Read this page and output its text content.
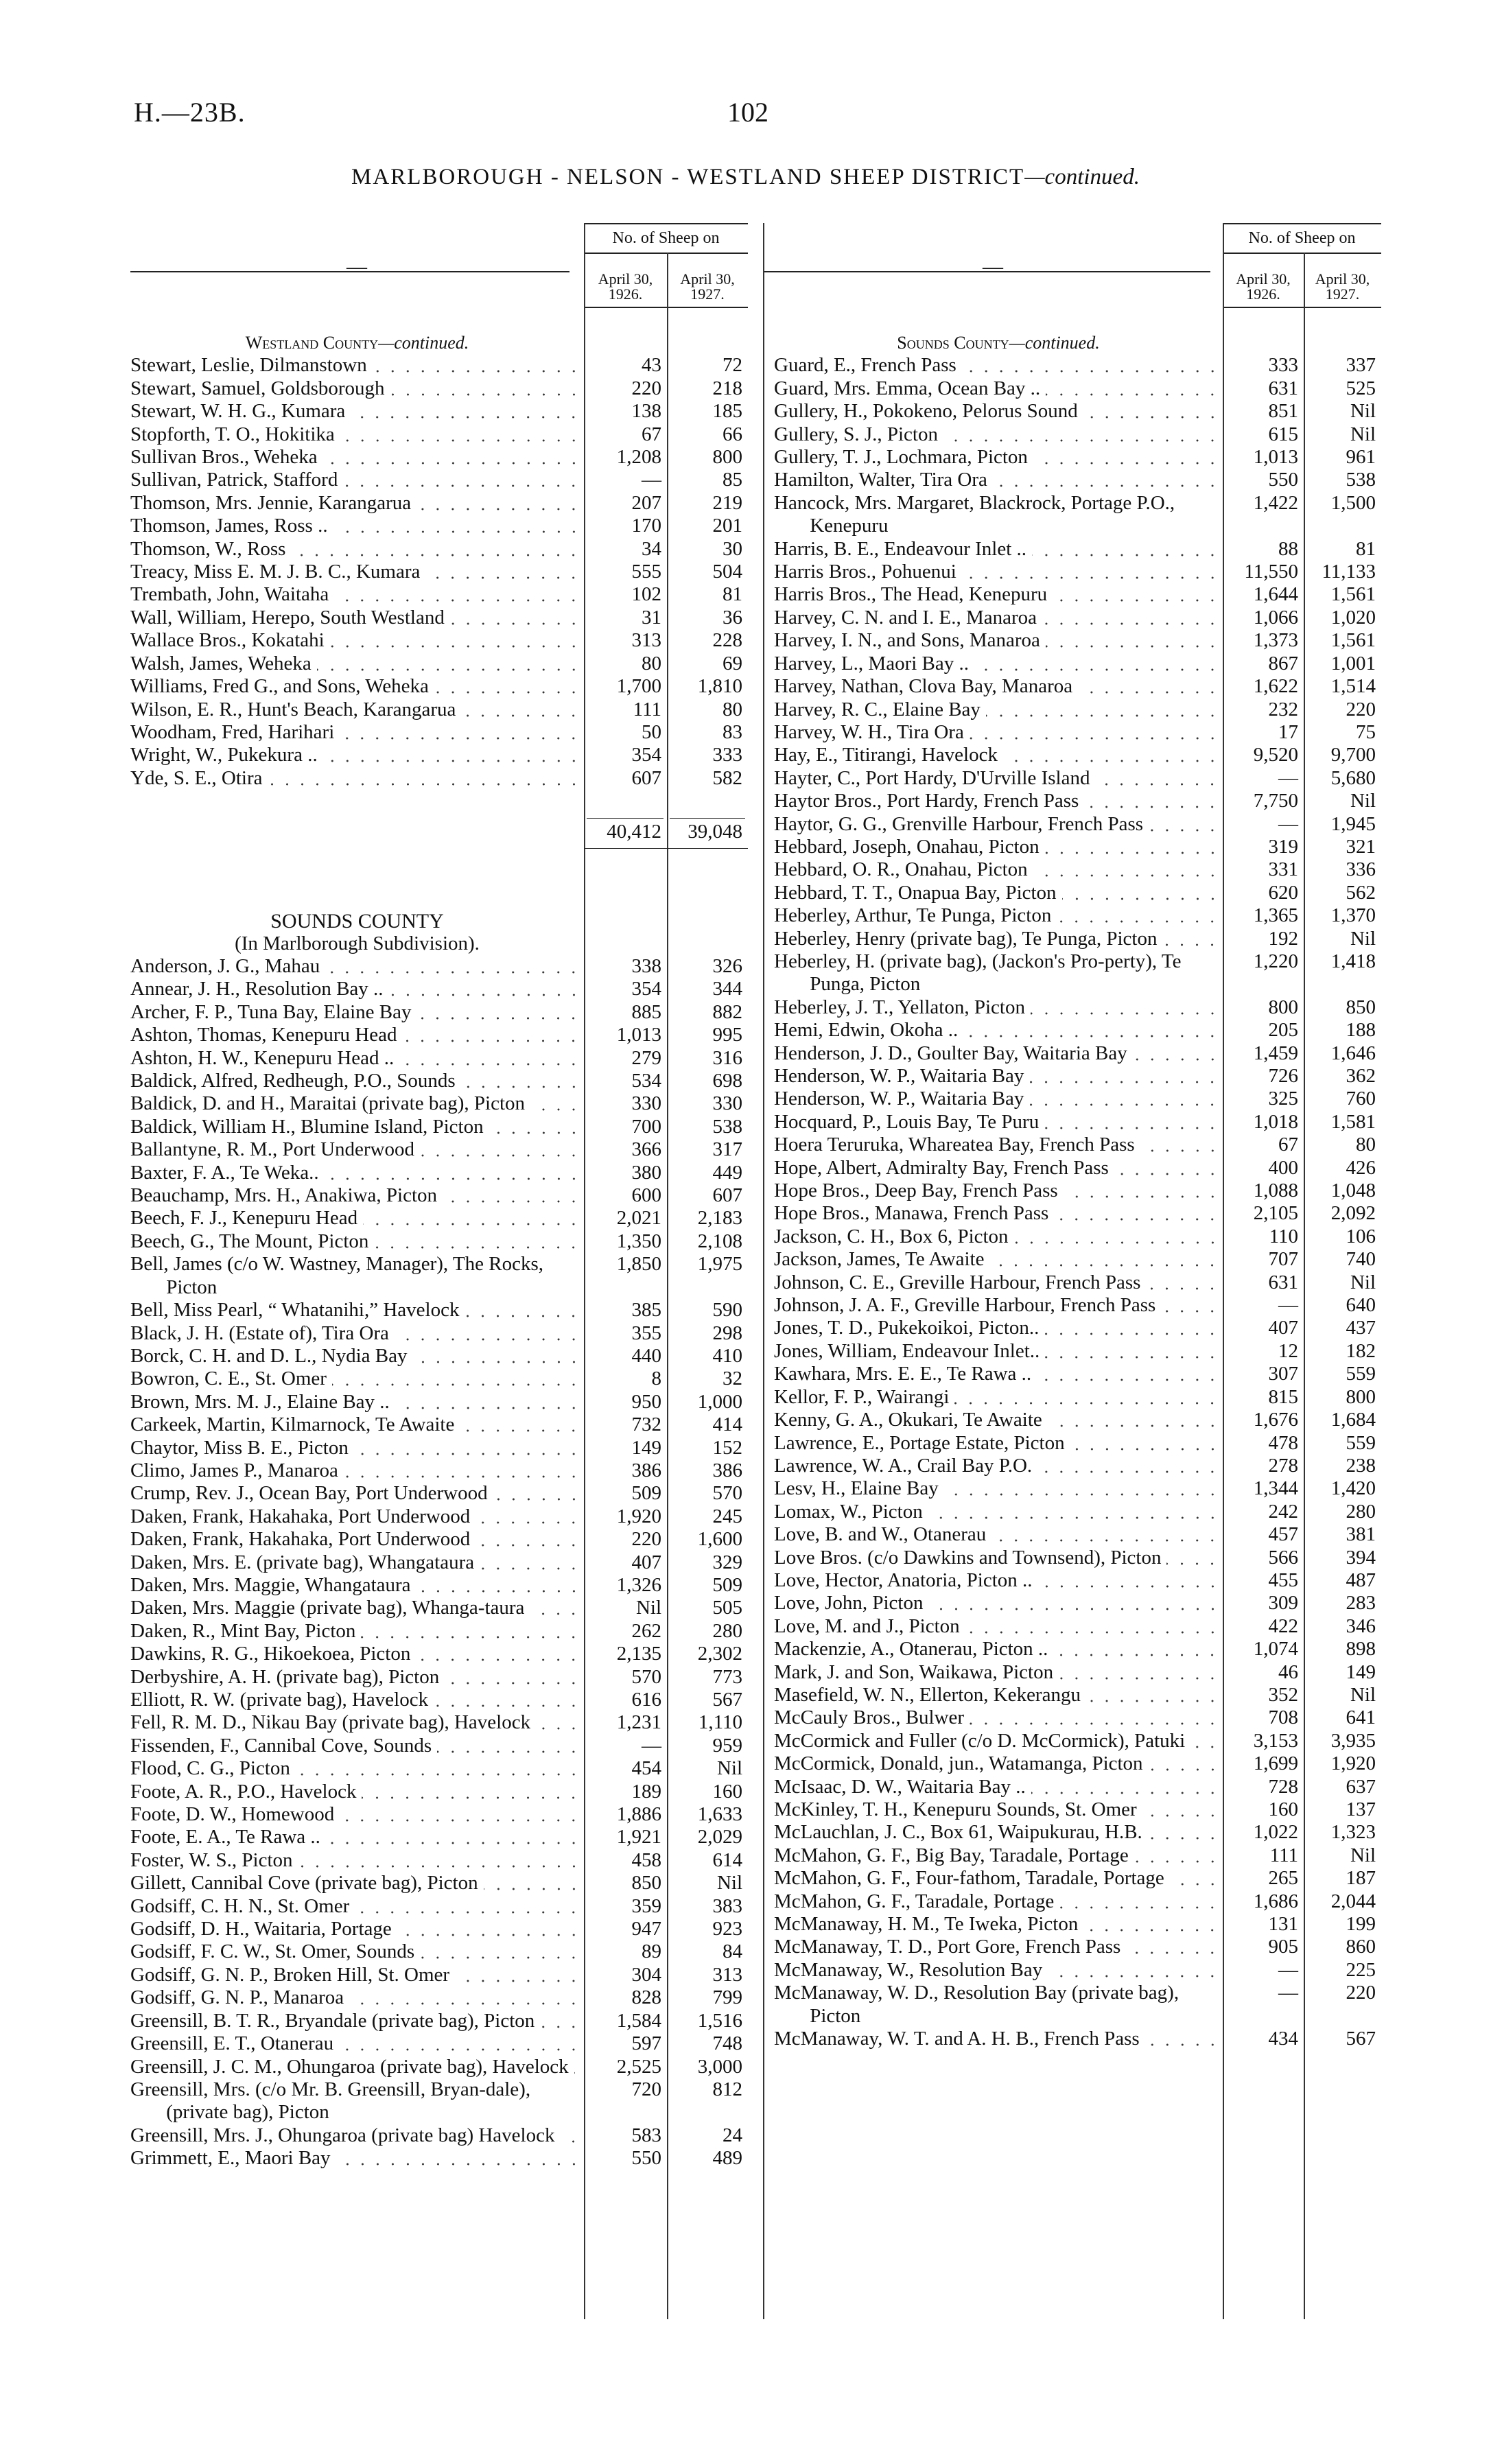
H.—23B.	102
MARLBOROUGH - NELSON - WESTLAND SHEEP DISTRICT—continued.
No. of Sheep on
April 30,
1926.
April 30,
1927.
No. of Sheep on
April 30,
1926.
April 30,
1927.
—	—
Westland County—continued.
Stewart, Leslie, Dilmanstown	43	72
Stewart, Samuel, Goldsborough	220	218
Stewart, W. H. G., Kumara	138	185
Stopforth, T. O., Hokitika	67	66
Sullivan Bros., Weheka	1,208	800
Sullivan, Patrick, Stafford	—	85
Thomson, Mrs. Jennie, Karangarua	207	219
Thomson, James, Ross ..	170	201
Thomson, W., Ross	34	30
Treacy, Miss E. M. J. B. C., Kumara	555	504
Trembath, John, Waitaha	102	81
Wall, William, Herepo, South Westland	31	36
Wallace Bros., Kokatahi	313	228
Walsh, James, Weheka	80	69
Williams, Fred G., and Sons, Weheka	1,700	1,810
Wilson, E. R., Hunt's Beach, Karangarua	111	80
Woodham, Fred, Harihari	50	83
Wright, W., Pukekura ..	354	333
Yde, S. E., Otira	607	582
40,412	39,048
SOUNDS COUNTY
(In Marlborough Subdivision).
Anderson, J. G., Mahau	338	326
Annear, J. H., Resolution Bay ..	354	344
Archer, F. P., Tuna Bay, Elaine Bay	885	882
Ashton, Thomas, Kenepuru Head	1,013	995
Ashton, H. W., Kenepuru Head ..	279	316
Baldick, Alfred, Redheugh, P.O., Sounds	534	698
Baldick, D. and H., Maraitai (private bag), Picton	330	330
Baldick, William H., Blumine Island, Picton	700	538
Ballantyne, R. M., Port Underwood	366	317
Baxter, F. A., Te Weka..	380	449
Beauchamp, Mrs. H., Anakiwa, Picton	600	607
Beech, F. J., Kenepuru Head	2,021	2,183
Beech, G., The Mount, Picton	1,350	2,108
Bell, James (c/o W. Wastney, Manager), The Rocks, Picton
1,850	1,975
Bell, Miss Pearl, “ Whatanihi,” Havelock	385	590
Black, J. H. (Estate of), Tira Ora	355	298
Borck, C. H. and D. L., Nydia Bay	440	410
Bowron, C. E., St. Omer	8	32
Brown, Mrs. M. J., Elaine Bay ..	950	1,000
Carkeek, Martin, Kilmarnock, Te Awaite	732	414
Chaytor, Miss B. E., Picton	149	152
Climo, James P., Manaroa	386	386
Crump, Rev. J., Ocean Bay, Port Underwood	509	570
Daken, Frank, Hakahaka, Port Underwood	1,920	245
Daken, Frank, Hakahaka, Port Underwood	220	1,600
Daken, Mrs. E. (private bag), Whangataura	407	329
Daken, Mrs. Maggie, Whangataura	1,326	509
Daken, Mrs. Maggie (private bag), Whanga-taura	Nil	505
Daken, R., Mint Bay, Picton	262	280
Dawkins, R. G., Hikoekoea, Picton	2,135	2,302
Derbyshire, A. H. (private bag), Picton	570	773
Elliott, R. W. (private bag), Havelock	616	567
Fell, R. M. D., Nikau Bay (private bag), Havelock	1,231	1,110
Fissenden, F., Cannibal Cove, Sounds	—	959
Flood, C. G., Picton	454	Nil
Foote, A. R., P.O., Havelock	189	160
Foote, D. W., Homewood	1,886	1,633
Foote, E. A., Te Rawa ..	1,921	2,029
Foster, W. S., Picton	458	614
Gillett, Cannibal Cove (private bag), Picton	850	Nil
Godsiff, C. H. N., St. Omer	359	383
Godsiff, D. H., Waitaria, Portage	947	923
Godsiff, F. C. W., St. Omer, Sounds	89	84
Godsiff, G. N. P., Broken Hill, St. Omer	304	313
Godsiff, G. N. P., Manaroa	828	799
Greensill, B. T. R., Bryandale (private bag), Picton	1,584	1,516
Greensill, E. T., Otanerau	597	748
Greensill, J. C. M., Ohungaroa (private bag), Havelock	2,525	3,000
Greensill, Mrs. (c/o Mr. B. Greensill, Bryan-dale), (private bag), Picton
720	812
Greensill, Mrs. J., Ohungaroa (private bag) Havelock	583	24
Grimmett, E., Maori Bay	550	489
Sounds County—continued.
Guard, E., French Pass	333	337
Guard, Mrs. Emma, Ocean Bay ..	631	525
Gullery, H., Pokokeno, Pelorus Sound	851	Nil
Gullery, S. J., Picton	615	Nil
Gullery, T. J., Lochmara, Picton	1,013	961
Hamilton, Walter, Tira Ora	550	538
Hancock, Mrs. Margaret, Blackrock, Portage P.O., Kenepuru
1,422	1,500
Harris, B. E., Endeavour Inlet ..	88	81
Harris Bros., Pohuenui	11,550	11,133
Harris Bros., The Head, Kenepuru	1,644	1,561
Harvey, C. N. and I. E., Manaroa	1,066	1,020
Harvey, I. N., and Sons, Manaroa	1,373	1,561
Harvey, L., Maori Bay ..	867	1,001
Harvey, Nathan, Clova Bay, Manaroa	1,622	1,514
Harvey, R. C., Elaine Bay	232	220
Harvey, W. H., Tira Ora	17	75
Hay, E., Titirangi, Havelock	9,520	9,700
Hayter, C., Port Hardy, D'Urville Island	—	5,680
Haytor Bros., Port Hardy, French Pass	7,750	Nil
Haytor, G. G., Grenville Harbour, French Pass	—	1,945
Hebbard, Joseph, Onahau, Picton	319	321
Hebbard, O. R., Onahau, Picton	331	336
Hebbard, T. T., Onapua Bay, Picton	620	562
Heberley, Arthur, Te Punga, Picton	1,365	1,370
Heberley, Henry (private bag), Te Punga, Picton	192	Nil
Heberley, H. (private bag), (Jackon's Pro-perty), Te Punga, Picton
1,220	1,418
Heberley, J. T., Yellaton, Picton	800	850
Hemi, Edwin, Okoha ..	205	188
Henderson, J. D., Goulter Bay, Waitaria Bay	1,459	1,646
Henderson, W. P., Waitaria Bay	726	362
Henderson, W. P., Waitaria Bay	325	760
Hocquard, P., Louis Bay, Te Puru	1,018	1,581
Hoera Teruruka, Whareatea Bay, French Pass	67	80
Hope, Albert, Admiralty Bay, French Pass	400	426
Hope Bros., Deep Bay, French Pass	1,088	1,048
Hope Bros., Manawa, French Pass	2,105	2,092
Jackson, C. H., Box 6, Picton	110	106
Jackson, James, Te Awaite	707	740
Johnson, C. E., Greville Harbour, French Pass	631	Nil
Johnson, J. A. F., Greville Harbour, French Pass	—	640
Jones, T. D., Pukekoikoi, Picton..	407	437
Jones, William, Endeavour Inlet..	12	182
Kawhara, Mrs. E. E., Te Rawa ..	307	559
Kellor, F. P., Wairangi	815	800
Kenny, G. A., Okukari, Te Awaite	1,676	1,684
Lawrence, E., Portage Estate, Picton	478	559
Lawrence, W. A., Crail Bay P.O.	278	238
Lesv, H., Elaine Bay	1,344	1,420
Lomax, W., Picton	242	280
Love, B. and W., Otanerau	457	381
Love Bros. (c/o Dawkins and Townsend), Picton	566	394
Love, Hector, Anatoria, Picton ..	455	487
Love, John, Picton	309	283
Love, M. and J., Picton	422	346
Mackenzie, A., Otanerau, Picton ..	1,074	898
Mark, J. and Son, Waikawa, Picton	46	149
Masefield, W. N., Ellerton, Kekerangu	352	Nil
McCauly Bros., Bulwer	708	641
McCormick and Fuller (c/o D. McCormick), Patuki	3,153	3,935
McCormick, Donald, jun., Watamanga, Picton	1,699	1,920
McIsaac, D. W., Waitaria Bay ..	728	637
McKinley, T. H., Kenepuru Sounds, St. Omer	160	137
McLauchlan, J. C., Box 61, Waipukurau, H.B.	1,022	1,323
McMahon, G. F., Big Bay, Taradale, Portage	111	Nil
McMahon, G. F., Four-fathom, Taradale, Portage	265	187
McMahon, G. F., Taradale, Portage	1,686	2,044
McManaway, H. M., Te Iweka, Picton	131	199
McManaway, T. D., Port Gore, French Pass	905	860
McManaway, W., Resolution Bay	—	225
McManaway, W. D., Resolution Bay (private bag), Picton
—	220
McManaway, W. T. and A. H. B., French Pass	434	567
